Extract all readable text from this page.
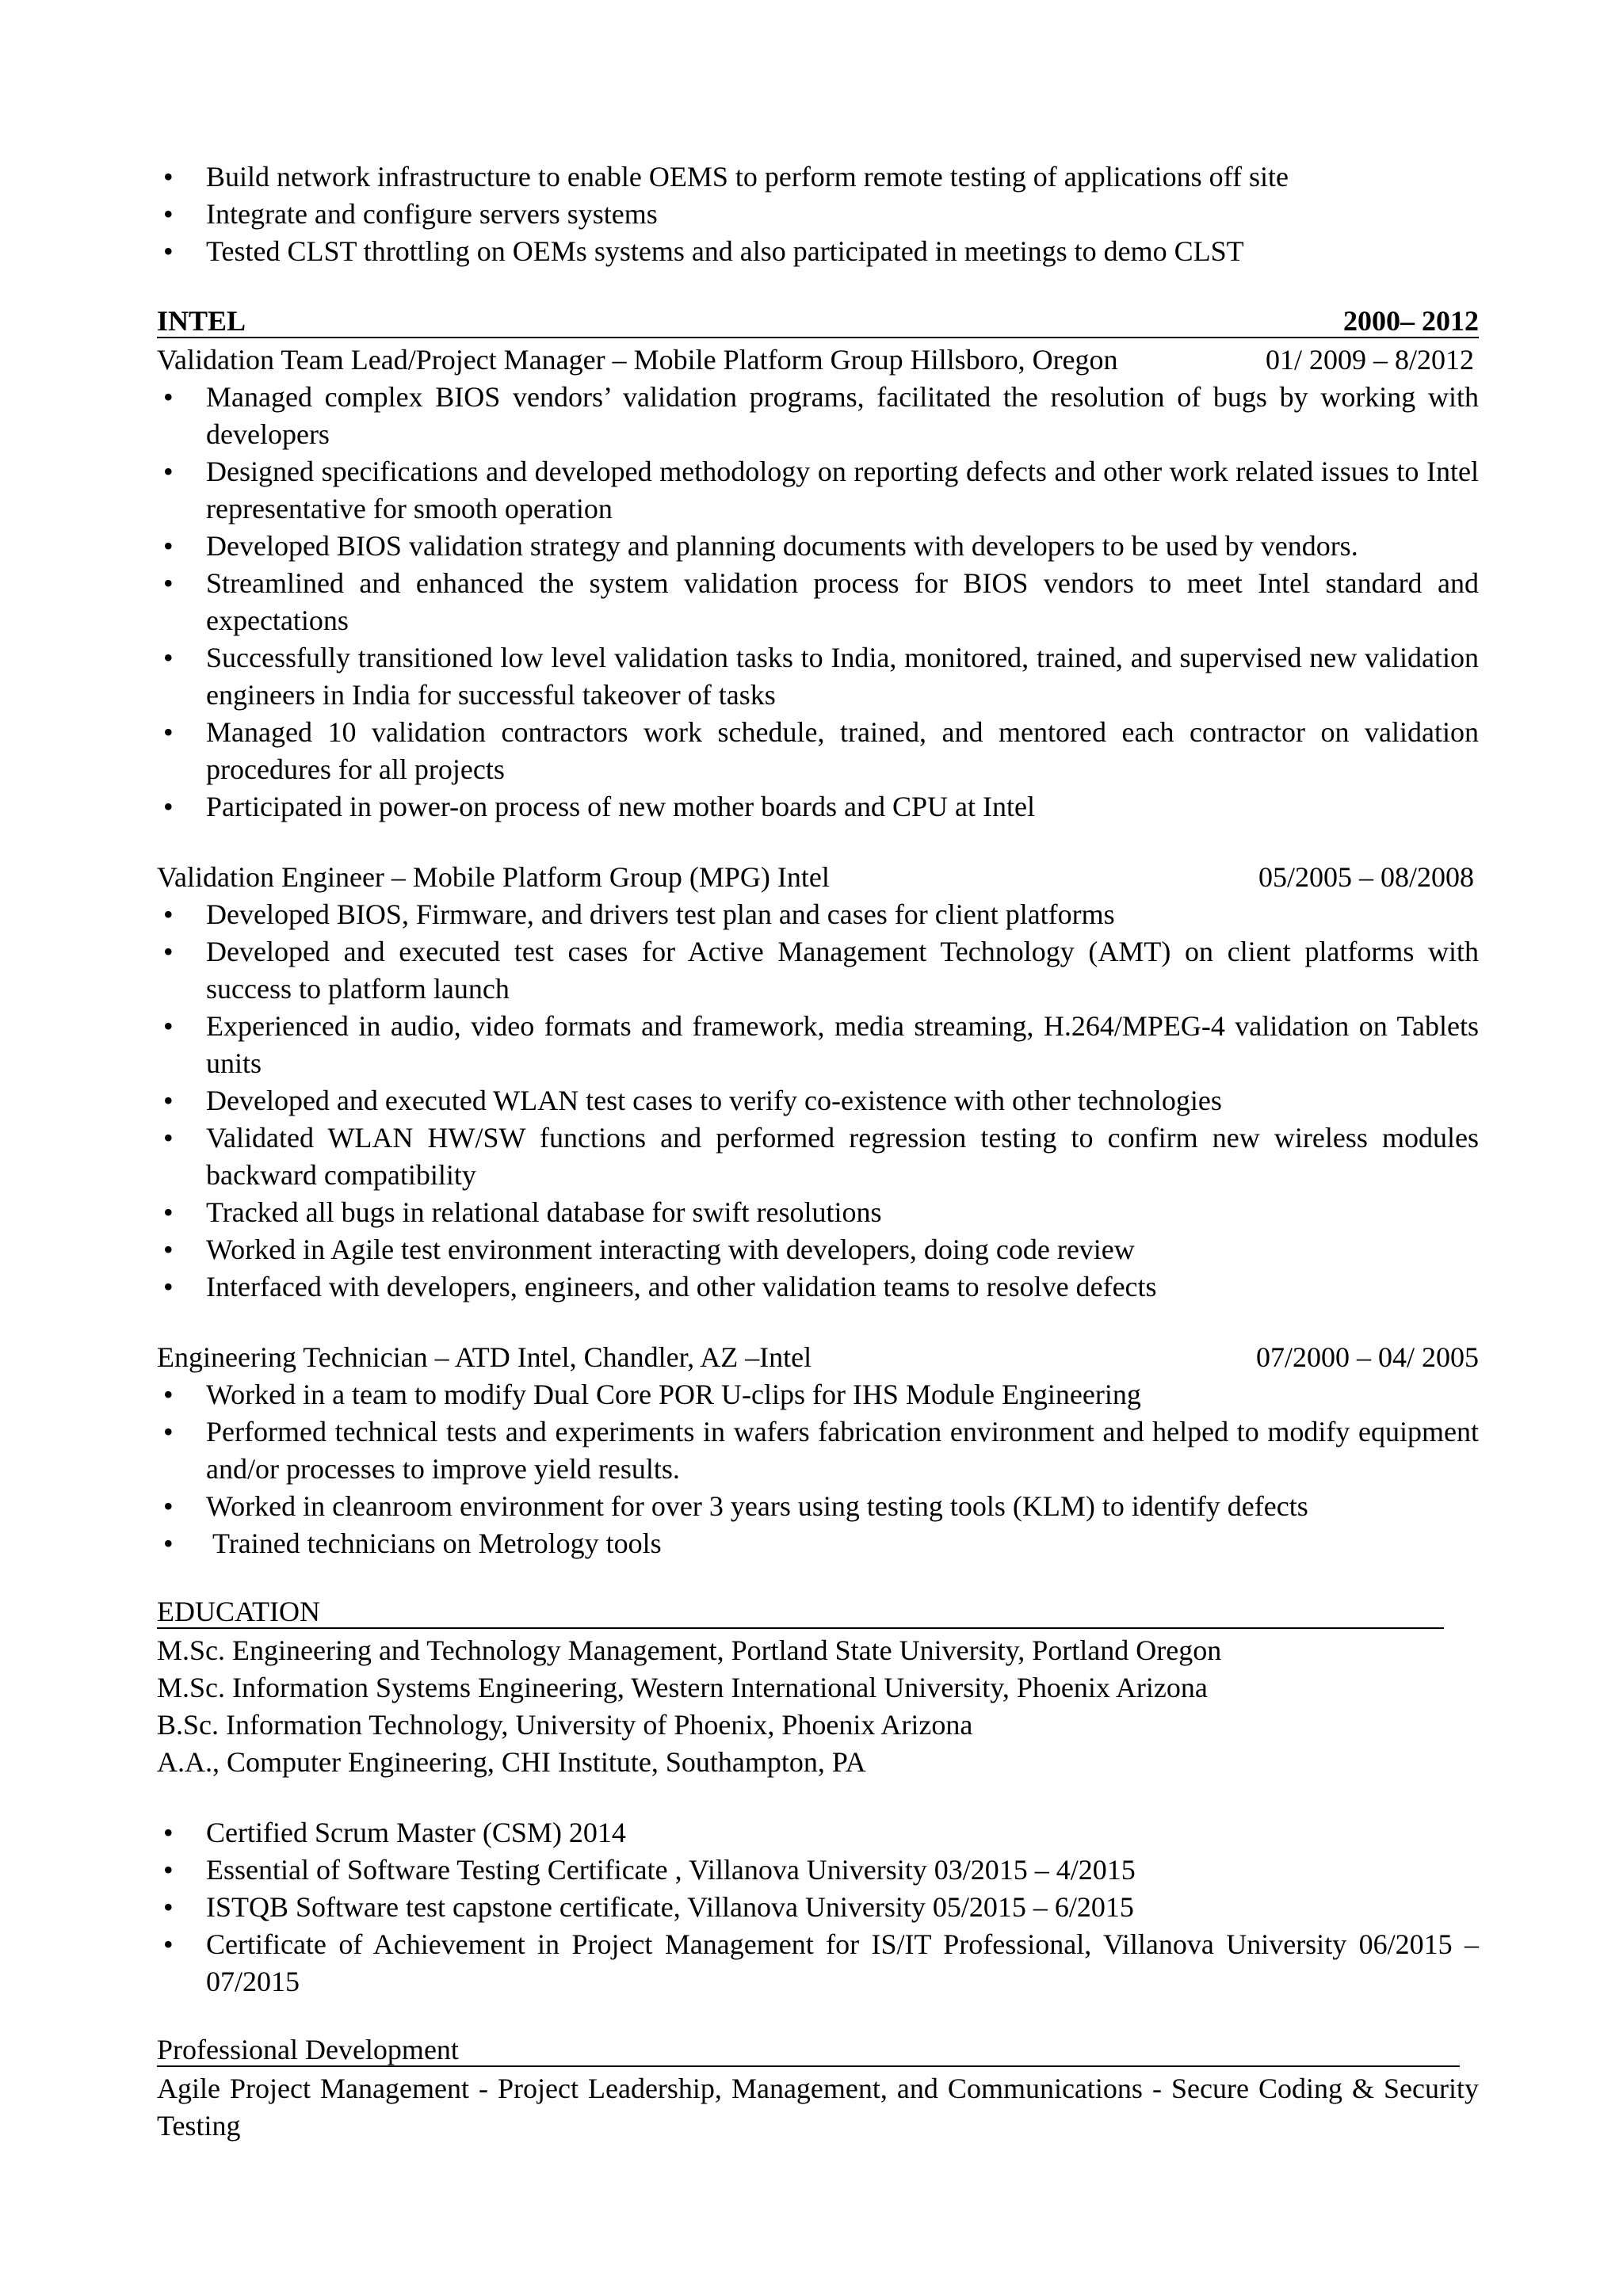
• Build network infrastructure to enable OEMS to perform remote testing of applications off site
• Integrate and configure servers systems
• Tested CLST throttling on OEMs systems and also participated in meetings to demo CLST
INTEL	2000– 2012
Validation Team Lead/Project Manager – Mobile Platform Group Hillsboro, Oregon	01/ 2009 – 8/2012
• Managed complex BIOS vendors’ validation programs, facilitated the resolution of bugs by working with developers
• Designed specifications and developed methodology on reporting defects and other work related issues to Intel representative for smooth operation
• Developed BIOS validation strategy and planning documents with developers to be used by vendors.
• Streamlined and enhanced the system validation process for BIOS vendors to meet Intel standard and expectations
• Successfully transitioned low level validation tasks to India, monitored, trained, and supervised new validation engineers in India for successful takeover of tasks
• Managed 10 validation contractors work schedule, trained, and mentored each contractor on validation procedures for all projects
• Participated in power-on process of new mother boards and CPU at Intel
Validation Engineer – Mobile Platform Group (MPG) Intel	05/2005 – 08/2008
• Developed BIOS, Firmware, and drivers test plan and cases for client platforms
• Developed and executed test cases for Active Management Technology (AMT) on client platforms with success to platform launch
• Experienced in audio, video formats and framework, media streaming, H.264/MPEG-4 validation on Tablets units
• Developed and executed WLAN test cases to verify co-existence with other technologies
• Validated WLAN HW/SW functions and performed regression testing to confirm new wireless modules backward compatibility
• Tracked all bugs in relational database for swift resolutions
• Worked in Agile test environment interacting with developers, doing code review
• Interfaced with developers, engineers, and other validation teams to resolve defects
Engineering Technician – ATD Intel, Chandler, AZ –Intel	07/2000 – 04/ 2005
• Worked in a team to modify Dual Core POR U-clips for IHS Module Engineering
• Performed technical tests and experiments in wafers fabrication environment and helped to modify equipment and/or processes to improve yield results.
• Worked in cleanroom environment for over 3 years using testing tools (KLM) to identify defects
• Trained technicians on Metrology tools
EDUCATION
M.Sc. Engineering and Technology Management, Portland State University, Portland Oregon
M.Sc. Information Systems Engineering, Western International University, Phoenix Arizona
B.Sc. Information Technology, University of Phoenix, Phoenix Arizona
A.A., Computer Engineering, CHI Institute, Southampton, PA
• Certified Scrum Master (CSM) 2014
• Essential of Software Testing Certificate , Villanova University 03/2015 – 4/2015
• ISTQB Software test capstone certificate, Villanova University 05/2015 – 6/2015
• Certificate of Achievement in Project Management for IS/IT Professional, Villanova University 06/2015 – 07/2015
Professional Development
Agile Project Management - Project Leadership, Management, and Communications - Secure Coding & Security Testing
